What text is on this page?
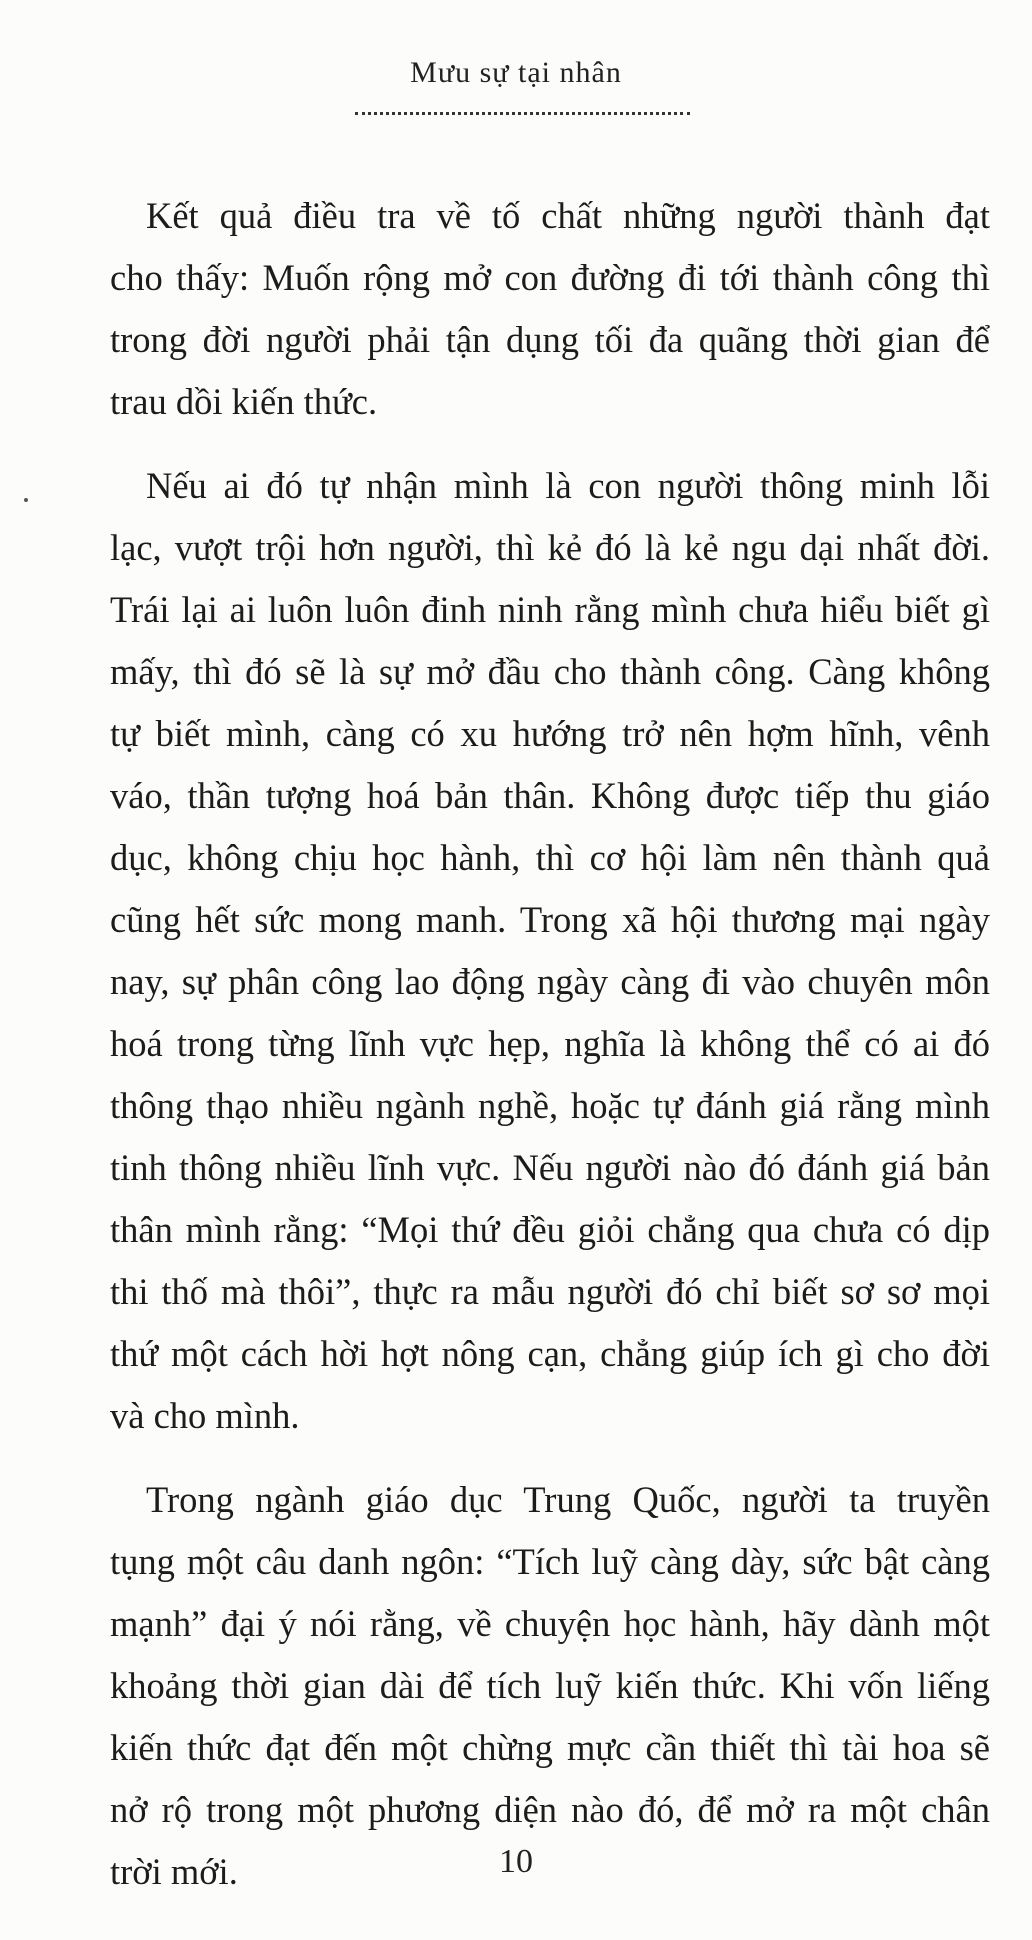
Mưu sự tại nhân

Kết quả điều tra về tố chất những người thành đạt
cho thấy: Muốn rộng mở con đường đi tới thành công thì
trong đời người phải tận dụng tối đa quãng thời gian để
trau dồi kiến thức.

Nếu ai đó tự nhận mình là con người thông minh lỗi
lạc, vượt trội hơn người, thì kẻ đó là kẻ ngu dại nhất đời.
Trái lại ai luôn luôn đinh ninh rằng mình chưa hiểu biết gì
mấy, thì đó sẽ là sự mở đầu cho thành công. Càng không
tự biết mình, càng có xu hướng trở nên hợm hĩnh, vênh
váo, thần tượng hoá bản thân. Không được tiếp thu giáo
dục, không chịu học hành, thì cơ hội làm nên thành quả
cũng hết sức mong manh. Trong xã hội thương mại ngày
nay, sự phân công lao động ngày càng đi vào chuyên môn
hoá trong từng lĩnh vực hẹp, nghĩa là không thể có ai đó
thông thạo nhiều ngành nghề, hoặc tự đánh giá rằng mình
tinh thông nhiều lĩnh vực. Nếu người nào đó đánh giá bản
thân mình rằng: “Mọi thứ đều giỏi chẳng qua chưa có dịp
thi thố mà thôi”, thực ra mẫu người đó chỉ biết sơ sơ mọi
thứ một cách hời hợt nông cạn, chẳng giúp ích gì cho đời
và cho mình.

Trong ngành giáo dục Trung Quốc, người ta truyền
tụng một câu danh ngôn: “Tích luỹ càng dày, sức bật càng
mạnh” đại ý nói rằng, về chuyện học hành, hãy dành một
khoảng thời gian dài để tích luỹ kiến thức. Khi vốn liếng
kiến thức đạt đến một chừng mực cần thiết thì tài hoa sẽ
nở rộ trong một phương diện nào đó, để mở ra một chân
trời mới.	10
